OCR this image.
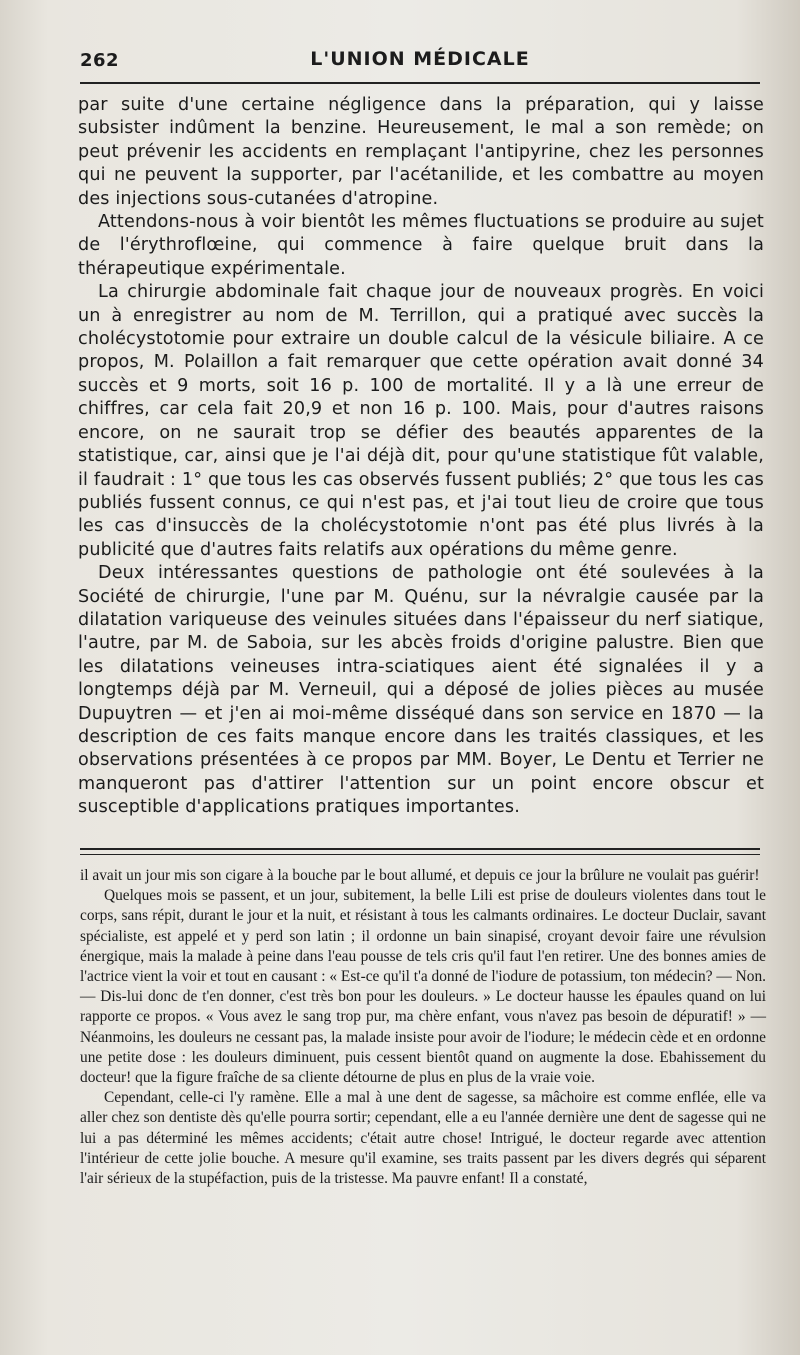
262	L'UNION MÉDICALE

par suite d'une certaine négligence dans la préparation, qui y laisse subsister indûment la benzine. Heureusement, le mal a son remède; on peut prévenir les accidents en remplaçant l'antipyrine, chez les personnes qui ne peuvent la supporter, par l'acétanilide, et les combattre au moyen des injections sous-cutanées d'atropine.

Attendons-nous à voir bientôt les mêmes fluctuations se produire au sujet de l'érythroflœine, qui commence à faire quelque bruit dans la thérapeutique expérimentale.

La chirurgie abdominale fait chaque jour de nouveaux progrès. En voici un à enregistrer au nom de M. Terrillon, qui a pratiqué avec succès la cholécystotomie pour extraire un double calcul de la vésicule biliaire. A ce propos, M. Polaillon a fait remarquer que cette opération avait donné 34 succès et 9 morts, soit 16 p. 100 de mortalité. Il y a là une erreur de chiffres, car cela fait 20,9 et non 16 p. 100. Mais, pour d'autres raisons encore, on ne saurait trop se défier des beautés apparentes de la statistique, car, ainsi que je l'ai déjà dit, pour qu'une statistique fût valable, il faudrait : 1° que tous les cas observés fussent publiés; 2° que tous les cas publiés fussent connus, ce qui n'est pas, et j'ai tout lieu de croire que tous les cas d'insuccès de la cholécystotomie n'ont pas été plus livrés à la publicité que d'autres faits relatifs aux opérations du même genre.

Deux intéressantes questions de pathologie ont été soulevées à la Société de chirurgie, l'une par M. Quénu, sur la névralgie causée par la dilatation variqueuse des veinules situées dans l'épaisseur du nerf siatique, l'autre, par M. de Saboia, sur les abcès froids d'origine palustre. Bien que les dilatations veineuses intra-sciatiques aient été signalées il y a longtemps déjà par M. Verneuil, qui a déposé de jolies pièces au musée Dupuytren — et j'en ai moi-même disséqué dans son service en 1870 — la description de ces faits manque encore dans les traités classiques, et les observations présentées à ce propos par MM. Boyer, Le Dentu et Terrier ne manqueront pas d'attirer l'attention sur un point encore obscur et susceptible d'applications pratiques importantes.

il avait un jour mis son cigare à la bouche par le bout allumé, et depuis ce jour la brûlure ne voulait pas guérir!

Quelques mois se passent, et un jour, subitement, la belle Lili est prise de douleurs violentes dans tout le corps, sans répit, durant le jour et la nuit, et résistant à tous les calmants ordinaires. Le docteur Duclair, savant spécialiste, est appelé et y perd son latin ; il ordonne un bain sinapisé, croyant devoir faire une révulsion énergique, mais la malade à peine dans l'eau pousse de tels cris qu'il faut l'en retirer. Une des bonnes amies de l'actrice vient la voir et tout en causant : « Est-ce qu'il t'a donné de l'iodure de potassium, ton médecin? — Non. — Dis-lui donc de t'en donner, c'est très bon pour les douleurs. » Le docteur hausse les épaules quand on lui rapporte ce propos. « Vous avez le sang trop pur, ma chère enfant, vous n'avez pas besoin de dépuratif! » — Néanmoins, les douleurs ne cessant pas, la malade insiste pour avoir de l'iodure; le médecin cède et en ordonne une petite dose : les douleurs diminuent, puis cessent bientôt quand on augmente la dose. Ebahissement du docteur! que la figure fraîche de sa cliente détourne de plus en plus de la vraie voie.

Cependant, celle-ci l'y ramène. Elle a mal à une dent de sagesse, sa mâchoire est comme enflée, elle va aller chez son dentiste dès qu'elle pourra sortir; cependant, elle a eu l'année dernière une dent de sagesse qui ne lui a pas déterminé les mêmes accidents; c'était autre chose! Intrigué, le docteur regarde avec attention l'intérieur de cette jolie bouche. A mesure qu'il examine, ses traits passent par les divers degrés qui séparent l'air sérieux de la stupéfaction, puis de la tristesse. Ma pauvre enfant! Il a constaté,
